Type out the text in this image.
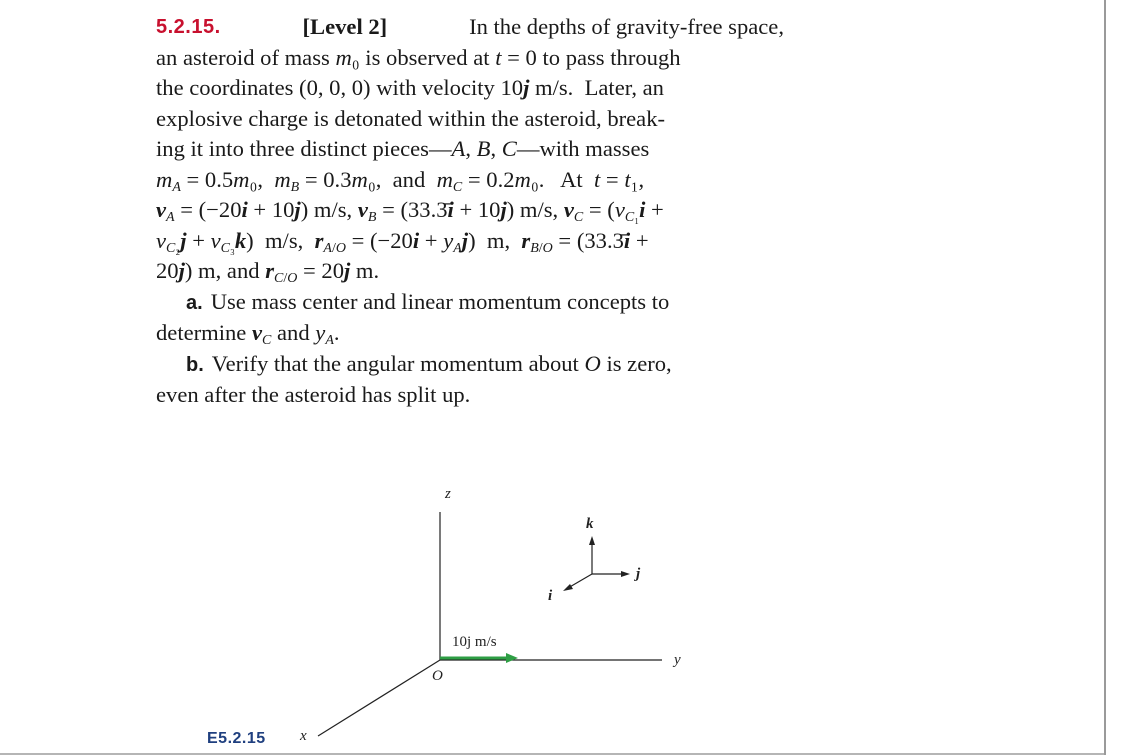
5.2.15.	[Level 2]	In the depths of gravity-free space,
an asteroid of mass m₀ is observed at t = 0 to pass through
the coordinates (0, 0, 0) with velocity 10j m/s.  Later, an
explosive charge is detonated within the asteroid, break-
ing it into three distinct pieces—A, B, C—with masses
$m_A = 0.5m_0$,  $m_B = 0.3m_0$,  and  $m_C = 0.2m_0$.   At  t = t₁,
$v_A = (-20i + 10j)$ m/s, $v_B$ = (33.3̄i + 10j) m/s, $v_C = (v_{C_1}i$ +
$v_{C_2}j + v_{C_3}k$)  m/s,  $r_{A/O} = (-20i + y_Aj)$  m,  $r_{B/O}$ = (33.3̄i +
20j) m, and $r_{C/O} = 20j$ m.
a. Use mass center and linear momentum concepts to
determine $v_C$ and $y_A$.
b. Verify that the angular momentum about O is zero,
even after the asteroid has split up.
z
y
x
O
k
j
i
10j m/s
E5.2.15
